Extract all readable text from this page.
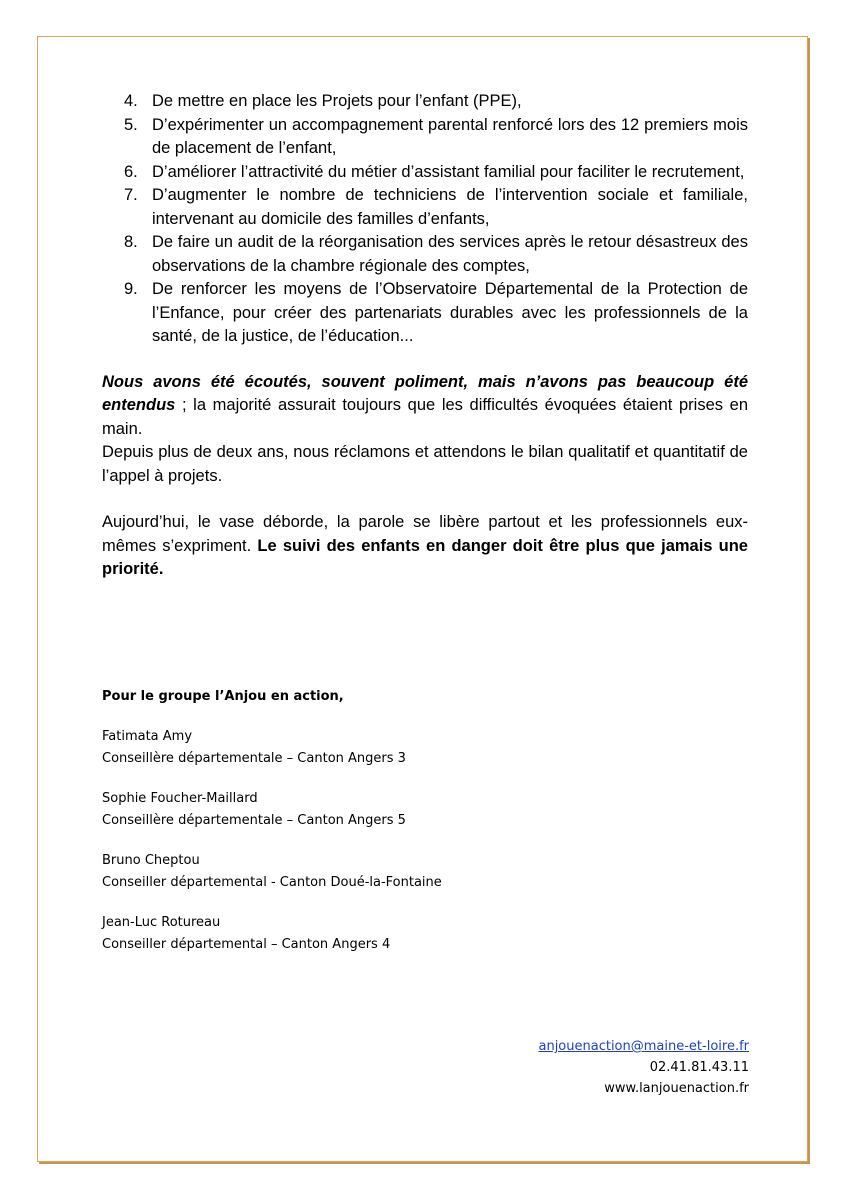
4. De mettre en place les Projets pour l’enfant (PPE),
5. D’expérimenter un accompagnement parental renforcé lors des 12 premiers mois de placement de l’enfant,
6. D’améliorer l’attractivité du métier d’assistant familial pour faciliter le recrutement,
7. D’augmenter le nombre de techniciens de l’intervention sociale et familiale, intervenant au domicile des familles d’enfants,
8. De faire un audit de la réorganisation des services après le retour désastreux des observations de la chambre régionale des comptes,
9. De renforcer les moyens de l’Observatoire Départemental de la Protection de l’Enfance, pour créer des partenariats durables avec les professionnels de la santé, de la justice, de l’éducation...

Nous avons été écoutés, souvent poliment, mais n’avons pas beaucoup été entendus ; la majorité assurait toujours que les difficultés évoquées étaient prises en main.

Depuis plus de deux ans, nous réclamons et attendons le bilan qualitatif et quantitatif de l’appel à projets.

Aujourd’hui, le vase déborde, la parole se libère partout et les professionnels eux-mêmes s’expriment. Le suivi des enfants en danger doit être plus que jamais une priorité.

Pour le groupe l’Anjou en action,
Fatimata Amy
Conseillère départementale – Canton Angers 3
Sophie Foucher-Maillard
Conseillère départementale – Canton Angers 5
Bruno Cheptou
Conseiller départemental - Canton Doué-la-Fontaine
Jean-Luc Rotureau
Conseiller départemental – Canton Angers 4
anjouenaction@maine-et-loire.fr
02.41.81.43.11
www.lanjouenaction.fr
